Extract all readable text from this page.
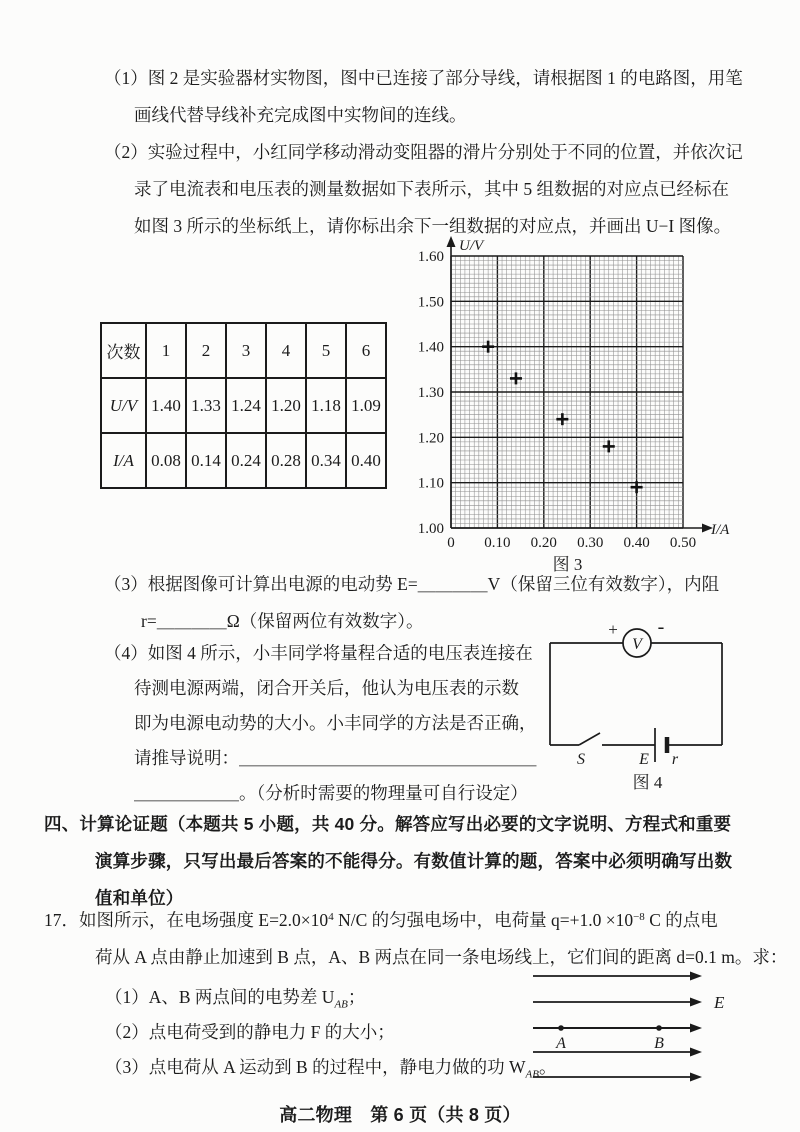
（1）图 2 是实验器材实物图，图中已连接了部分导线，请根据图 1 的电路图，用笔
画线代替导线补充完成图中实物间的连线。
（2）实验过程中，小红同学移动滑动变阻器的滑片分别处于不同的位置，并依次记
录了电流表和电压表的测量数据如下表所示，其中 5 组数据的对应点已经标在
如图 3 所示的坐标纸上，请你标出余下一组数据的对应点，并画出 U−I 图像。
次数	1	2	3	4	5	6
U/V	1.40	1.33	1.24	1.20	1.18	1.09
I/A	0.08	0.14	0.24	0.28	0.34	0.40
0 0.10 0.20 0.30 0.40 0.50
1.00
1.10
1.20
1.30
1.40
1.50
1.60
U/V
I/A
图 3
（3）根据图像可计算出电源的电动势 E=＿＿＿＿V（保留三位有效数字），内阻
r=＿＿＿＿Ω（保留两位有效数字）。
（4）如图 4 所示，小丰同学将量程合适的电压表连接在
待测电源两端，闭合开关后，他认为电压表的示数
即为电源电动势的大小。小丰同学的方法是否正确，
请推导说明：＿＿＿＿＿＿＿＿＿＿＿＿＿＿＿＿＿
＿＿＿＿＿＿。（分析时需要的物理量可自行设定）
V
+ -
S	E r
图 4
四、计算论证题（本题共 5 小题，共 40 分。解答应写出必要的文字说明、方程式和重要
演算步骤，只写出最后答案的不能得分。有数值计算的题，答案中必须明确写出数
值和单位）
17．如图所示，在电场强度 $E=2.0\times 10^4$ N/C 的匀强电场中，电荷量 $q=+1.0 \times 10^{-8}$ C 的点电
荷从 A 点由静止加速到 B 点，A、B 两点在同一条电场线上，它们间的距离 d=0.1 m。求：
（1）A、B 两点间的电势差 $U_{AB}$；
（2）点电荷受到的静电力 F 的大小；
（3）点电荷从 A 运动到 B 的过程中，静电力做的功 $W_{AB}$。
A	B
E
高二物理　第 6 页（共 8 页）
